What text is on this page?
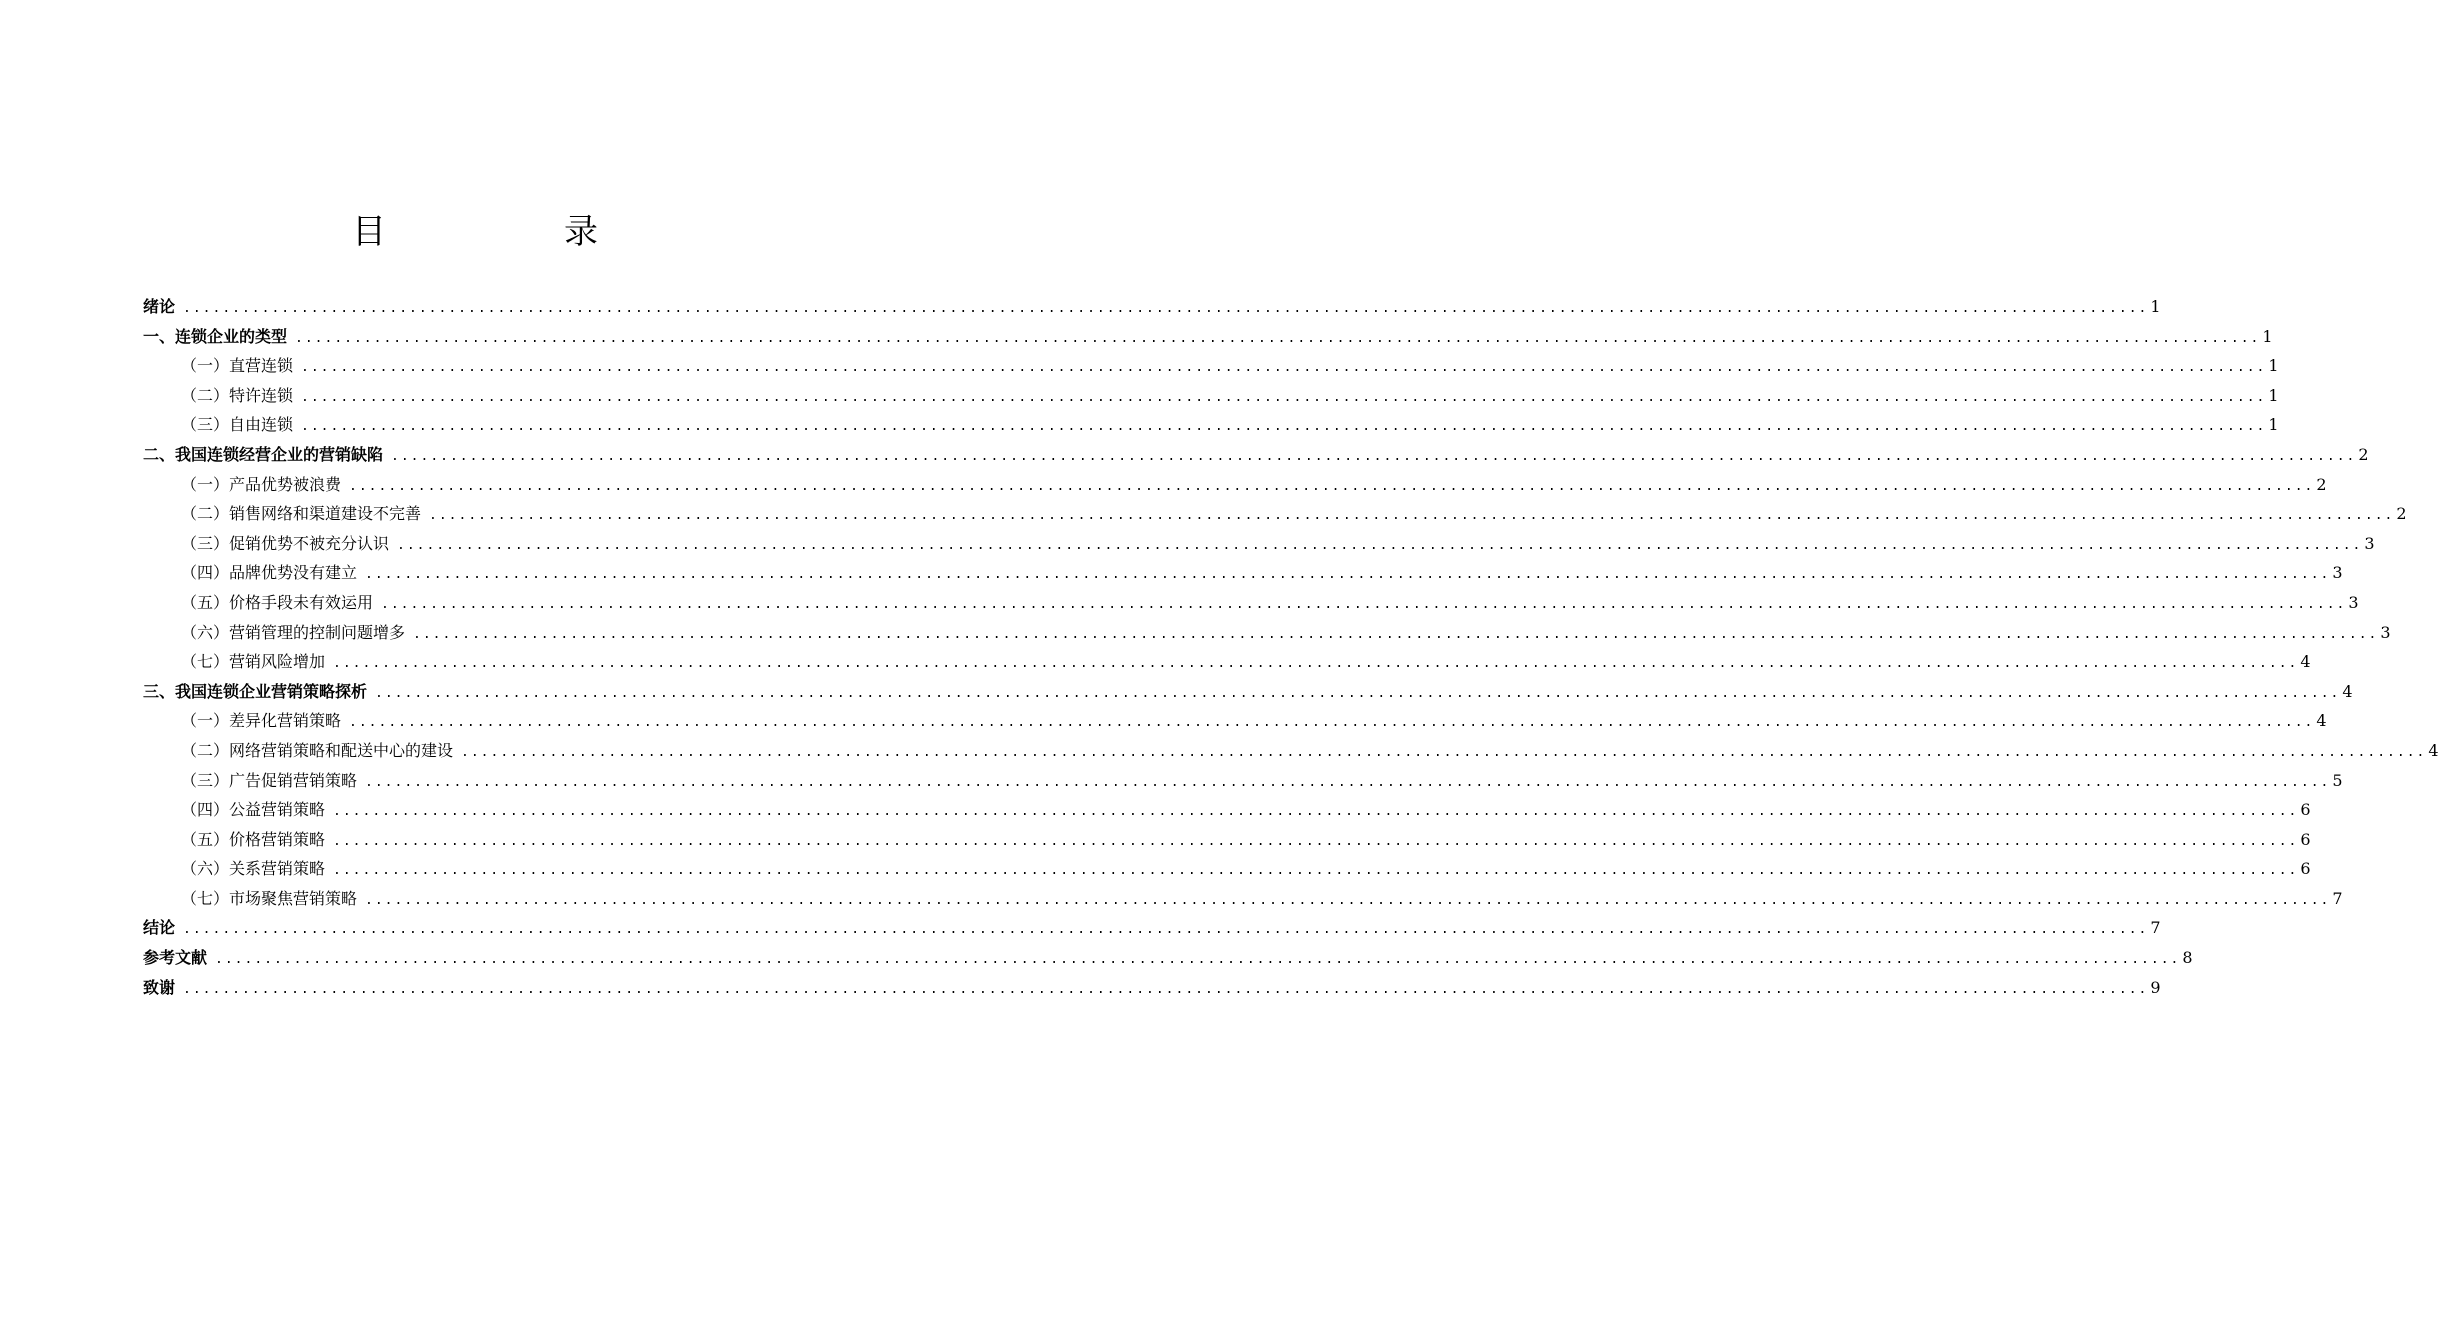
目　录
绪论 ........................................................................................................................................................................................................ 1
一、连锁企业的类型 ........................................................................................................................................................................................................ 1
（一）直营连锁 ........................................................................................................................................................................................................ 1
（二）特许连锁 ........................................................................................................................................................................................................ 1
（三）自由连锁 ........................................................................................................................................................................................................ 1
二、我国连锁经营企业的营销缺陷 ........................................................................................................................................................................................................ 2
（一）产品优势被浪费 ........................................................................................................................................................................................................ 2
（二）销售网络和渠道建设不完善 ........................................................................................................................................................................................................ 2
（三）促销优势不被充分认识 ........................................................................................................................................................................................................ 3
（四）品牌优势没有建立 ........................................................................................................................................................................................................ 3
（五）价格手段未有效运用 ........................................................................................................................................................................................................ 3
（六）营销管理的控制问题增多 ........................................................................................................................................................................................................ 3
（七）营销风险增加 ........................................................................................................................................................................................................ 4
三、我国连锁企业营销策略探析 ........................................................................................................................................................................................................ 4
（一）差异化营销策略 ........................................................................................................................................................................................................ 4
（二）网络营销策略和配送中心的建设 ........................................................................................................................................................................................................ 4
（三）广告促销营销策略 ........................................................................................................................................................................................................ 5
（四）公益营销策略 ........................................................................................................................................................................................................ 6
（五）价格营销策略 ........................................................................................................................................................................................................ 6
（六）关系营销策略 ........................................................................................................................................................................................................ 6
（七）市场聚焦营销策略 ........................................................................................................................................................................................................ 7
结论 ........................................................................................................................................................................................................ 7
参考文献 ........................................................................................................................................................................................................ 8
致谢 ........................................................................................................................................................................................................ 9
